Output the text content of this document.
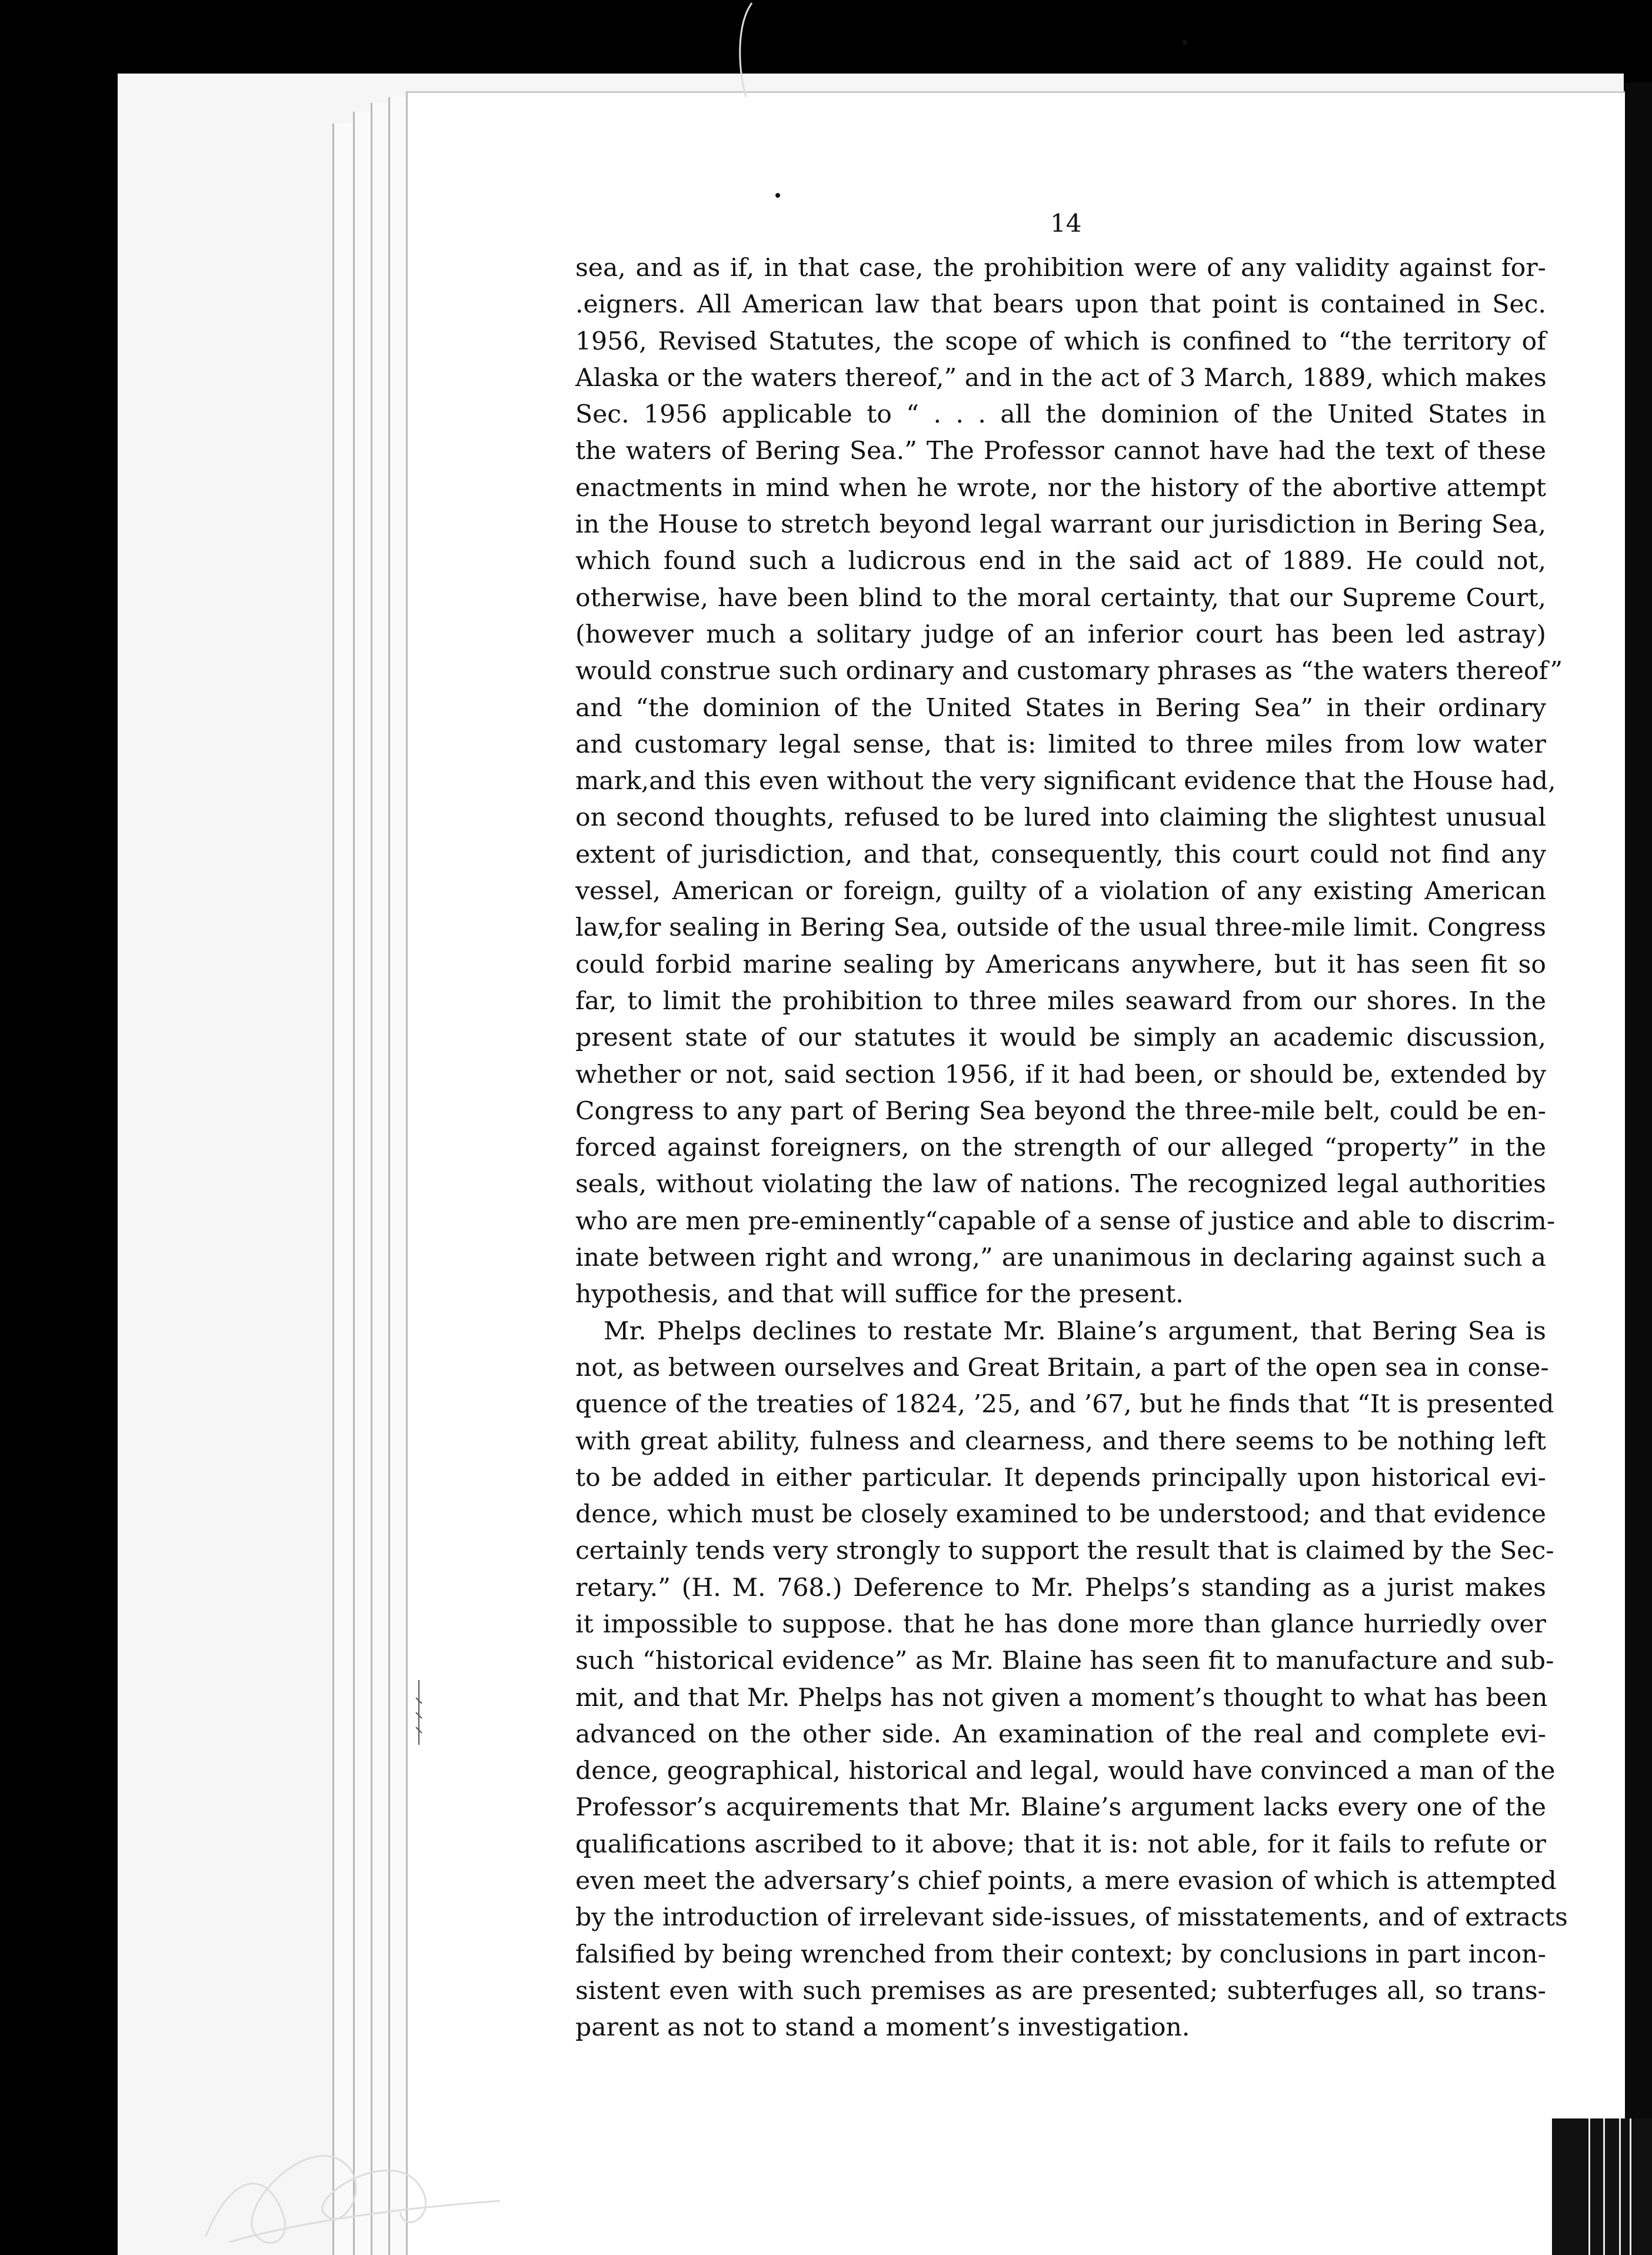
14
sea, and as if, in that case, the prohibition were of any validity against for-
.eigners. All American law that bears upon that point is contained in Sec.
1956, Revised Statutes, the scope of which is confined to “the territory of
Alaska or the waters thereof,” and in the act of 3 March, 1889, which makes
Sec. 1956 applicable to “ . . . all the dominion of the United States in
the waters of Bering Sea.” The Professor cannot have had the text of these
enactments in mind when he wrote, nor the history of the abortive attempt
in the House to stretch beyond legal warrant our jurisdiction in Bering Sea,
which found such a ludicrous end in the said act of 1889. He could not,
otherwise, have been blind to the moral certainty, that our Supreme Court,
(however much a solitary judge of an inferior court has been led astray)
would construe such ordinary and customary phrases as “the waters thereof”
and “the dominion of the United States in Bering Sea” in their ordinary
and customary legal sense, that is: limited to three miles from low water
mark,and this even without the very significant evidence that the House had,
on second thoughts, refused to be lured into claiming the slightest unusual
extent of jurisdiction, and that, consequently, this court could not find any
vessel, American or foreign, guilty of a violation of any existing American
law,for sealing in Bering Sea, outside of the usual three-mile limit. Congress
could forbid marine sealing by Americans anywhere, but it has seen fit so
far, to limit the prohibition to three miles seaward from our shores. In the
present state of our statutes it would be simply an academic discussion,
whether or not, said section 1956, if it had been, or should be, extended by
Congress to any part of Bering Sea beyond the three-mile belt, could be en-
forced against foreigners, on the strength of our alleged “property” in the
seals, without violating the law of nations. The recognized legal authorities
who are men pre-eminently“capable of a sense of justice and able to discrim-
inate between right and wrong,” are unanimous in declaring against such a
hypothesis, and that will suffice for the present.
Mr. Phelps declines to restate Mr. Blaine’s argument, that Bering Sea is
not, as between ourselves and Great Britain, a part of the open sea in conse-
quence of the treaties of 1824, ’25, and ’67, but he finds that “It is presented
with great ability, fulness and clearness, and there seems to be nothing left
to be added in either particular. It depends principally upon historical evi-
dence, which must be closely examined to be understood; and that evidence
certainly tends very strongly to support the result that is claimed by the Sec-
retary.” (H. M. 768.) Deference to Mr. Phelps’s standing as a jurist makes
it impossible to suppose. that he has done more than glance hurriedly over
such “historical evidence” as Mr. Blaine has seen fit to manufacture and sub-
mit, and that Mr. Phelps has not given a moment’s thought to what has been
advanced on the other side. An examination of the real and complete evi-
dence, geographical, historical and legal, would have convinced a man of the
Professor’s acquirements that Mr. Blaine’s argument lacks every one of the
qualifications ascribed to it above; that it is: not able, for it fails to refute or
even meet the adversary’s chief points, a mere evasion of which is attempted
by the introduction of irrelevant side-issues, of misstatements, and of extracts
falsified by being wrenched from their context; by conclusions in part incon-
sistent even with such premises as are presented; subterfuges all, so trans-
parent as not to stand a moment’s investigation.
